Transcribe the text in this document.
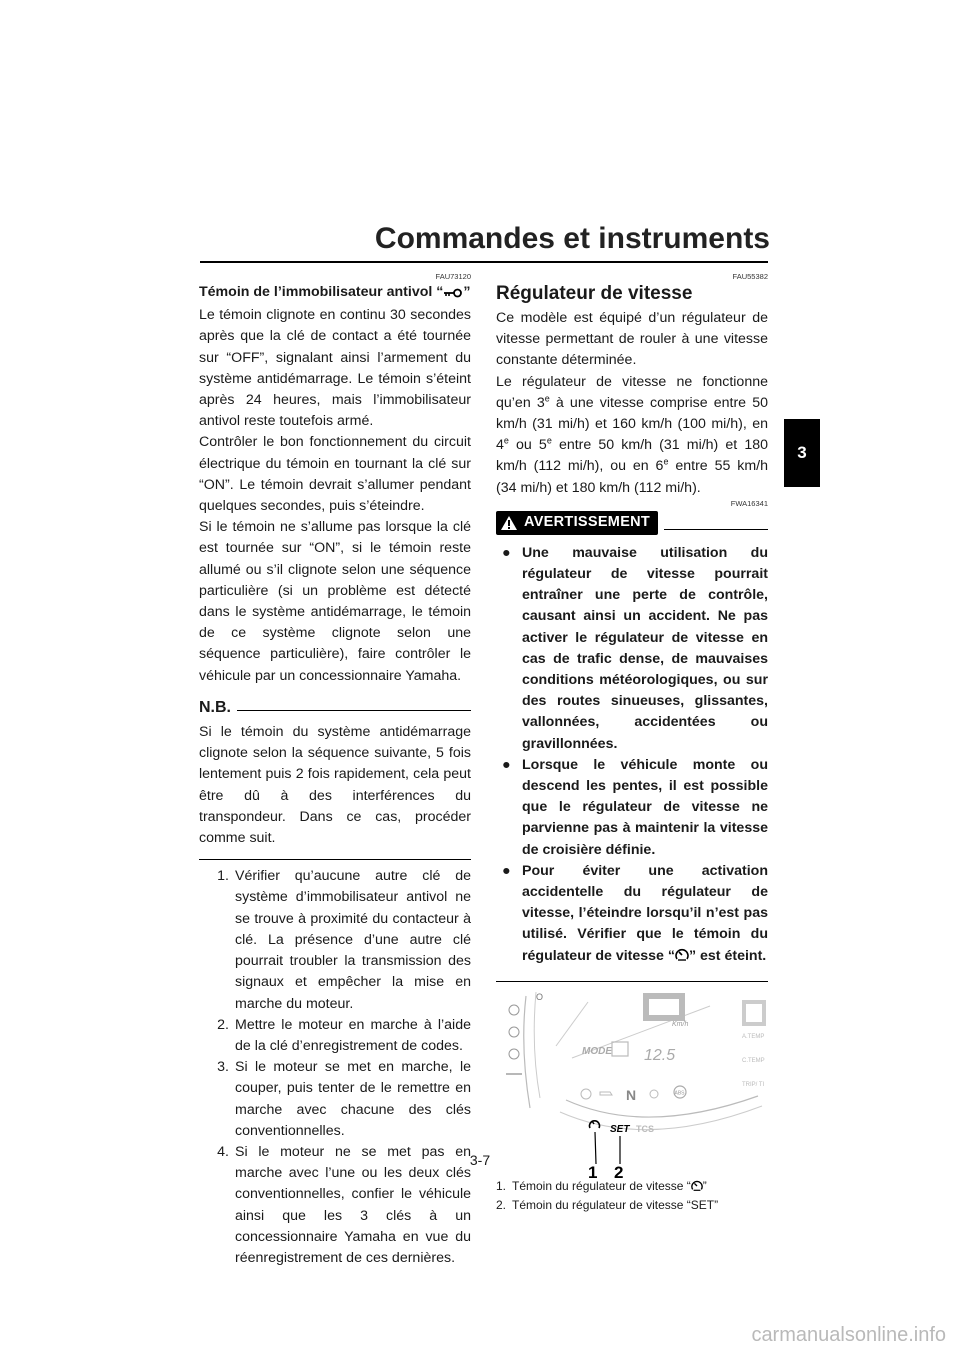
Commandes et instruments
3
FAU73120
Témoin de l’immobilisateur antivol “ ”

Le témoin clignote en continu 30 secondes après que la clé de contact a été tournée sur “OFF”, signalant ainsi l’armement du système antidémarrage. Le témoin s’éteint après 24 heures, mais l’immobilisateur antivol reste toutefois armé.

Contrôler le bon fonctionnement du circuit électrique du témoin en tournant la clé sur “ON”. Le témoin devrait s’allumer pendant quelques secondes, puis s’éteindre.

Si le témoin ne s’allume pas lorsque la clé est tournée sur “ON”, si le témoin reste allumé ou s’il clignote selon une séquence particulière (si un problème est détecté dans le système antidémarrage, le témoin de ce système clignote selon une séquence particulière), faire contrôler le véhicule par un concessionnaire Yamaha.

N.B.

Si le témoin du système antidémarrage clignote selon la séquence suivante, 5 fois lentement puis 2 fois rapidement, cela peut être dû à des interférences du transpondeur. Dans ce cas, procéder comme suit.

1. Vérifier qu’aucune autre clé de système d’immobilisateur antivol ne se trouve à proximité du contacteur à clé. La présence d’une autre clé pourrait troubler la transmission des signaux et empêcher la mise en marche du moteur.
2. Mettre le moteur en marche à l’aide de la clé d’enregistrement de codes.
3. Si le moteur se met en marche, le couper, puis tenter de le remettre en marche avec chacune des clés conventionnelles.
4. Si le moteur ne se met pas en marche avec l’une ou les deux clés conventionnelles, confier le véhicule ainsi que les 3 clés à un concessionnaire Yamaha en vue du réenregistrement de ces dernières.
FAU55382
Régulateur de vitesse

Ce modèle est équipé d’un régulateur de vitesse permettant de rouler à une vitesse constante déterminée.

Le régulateur de vitesse ne fonctionne qu’en 3e à une vitesse comprise entre 50 km/h (31 mi/h) et 160 km/h (100 mi/h), en 4e ou 5e entre 50 km/h (31 mi/h) et 180 km/h (112 mi/h), ou en 6e entre 55 km/h (34 mi/h) et 180 km/h (112 mi/h).

FWA16341
AVERTISSEMENT
● Une mauvaise utilisation du régulateur de vitesse pourrait entraîner une perte de contrôle, causant ainsi un accident. Ne pas activer le régulateur de vitesse en cas de trafic dense, de mauvaises conditions météorologiques, ou sur des routes sinueuses, glissantes, vallonnées, accidentées ou gravillonnées.
● Lorsque le véhicule monte ou descend les pentes, il est possible que le régulateur de vitesse ne parvienne pas à maintenir la vitesse de croisière définie.
● Pour éviter une activation accidentelle du régulateur de vitesse, l’éteindre lorsqu’il n’est pas utilisé. Vérifier que le témoin du régulateur de vitesse “ ” est éteint.
Km/h
MODE 12.5
A.TEMP
C.TEMP
TRIP/ TI
O
N	ABS
SET TCS
1 2
1. Témoin du régulateur de vitesse “ ”
2. Témoin du régulateur de vitesse “SET”
3-7
carmanualsonline.info
